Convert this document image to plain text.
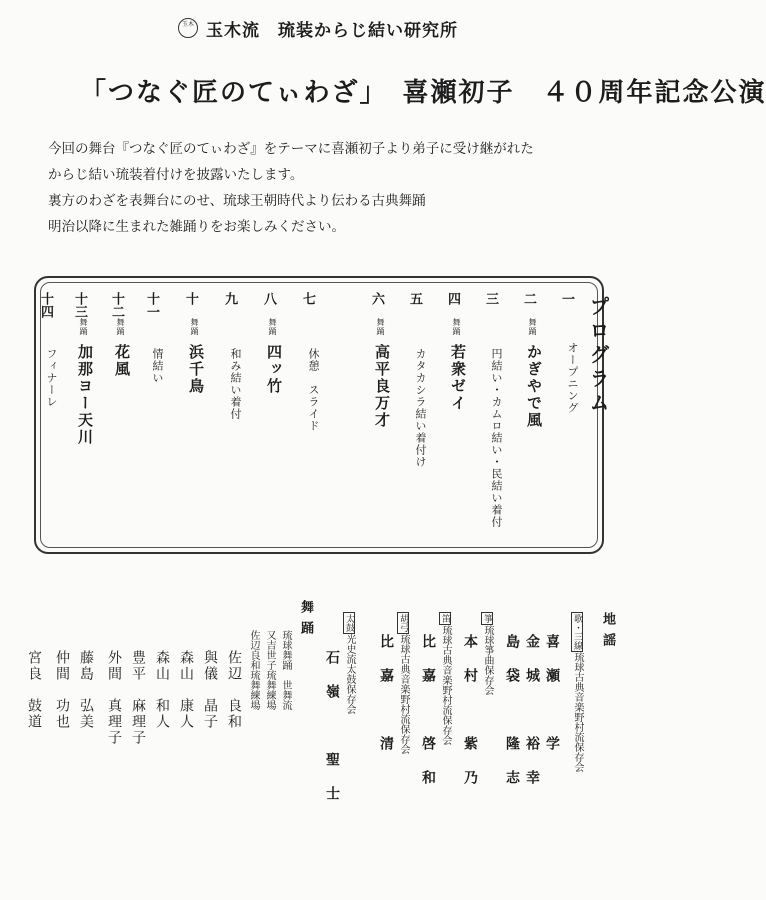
玉木 玉木流　琉装からじ結い研究所
「つなぐ匠のてぃわざ」　喜瀬初子　４０周年記念公演
今回の舞台『つなぐ匠のてぃわざ』をテーマに喜瀬初子より弟子に受け継がれた
からじ結い琉装着付けを披露いたします。
裏方のわざを表舞台にのせ、琉球王朝時代より伝わる古典舞踊
明治以降に生まれた雑踊りをお楽しみください。
プログラム
一
オープニング
二
舞踊
かぎやで風
三
円結い・カムロ結い・民結い着付
四
舞踊
若衆ゼイ
五
カタカシラ結い着付け
六
舞踊
高平良万才
七
休憩　スライド
八
舞踊
四ッ竹
九
和み結い着付
十
舞踊
浜千鳥
十一
情結い
十二
舞踊
花風
十三
舞踊
加那ヨー天川
十四
フィナーレ
地謡
歌・三線琉球古典音楽野村流保存会
喜瀬　学
金城　裕幸
島袋　隆志
箏琉球箏曲保存会
本村　紫乃
笛琉球古典音楽野村流保存会
比嘉　啓和
胡弓琉球古典音楽野村流保存会
比嘉　清
太鼓光史流太鼓保存会
石嶺　聖士
舞踊
琉球舞踊　世舞流
又吉世子琉舞練場
佐辺良和琉舞練場
佐辺　良和
與儀　晶子
森山　康人
森山　和人
豊平　麻理子
外間　真理子
藤島　弘美
仲間　功也
宮良　鼓道
